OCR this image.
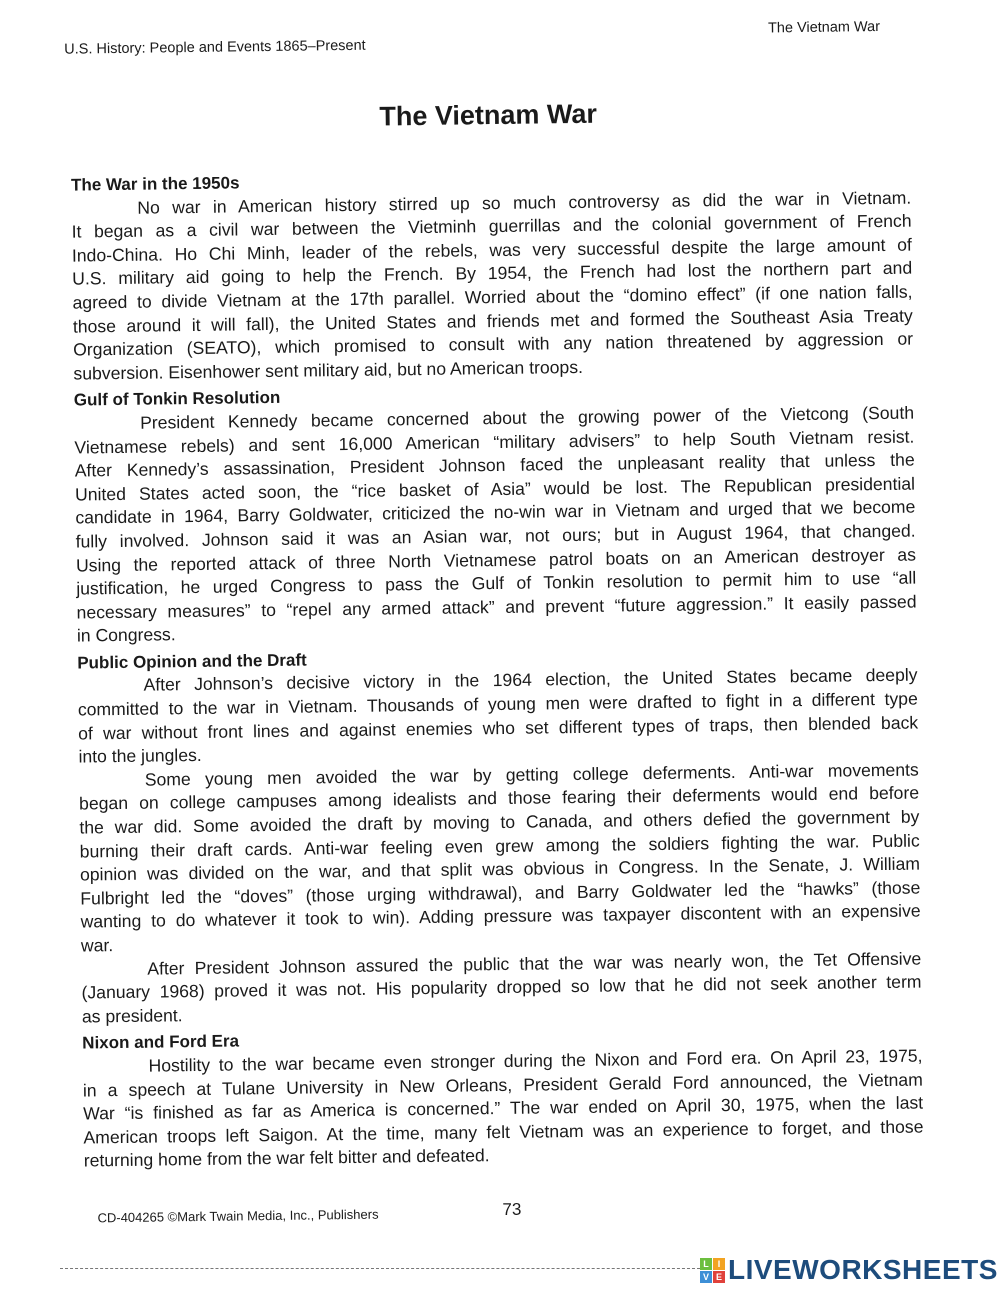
U.S. History: People and Events 1865–Present
The Vietnam War
The Vietnam War
The War in the 1950s
No war in American history stirred up so much controversy as did the war in Vietnam.
It began as a civil war between the Vietminh guerrillas and the colonial government of French
Indo-China. Ho Chi Minh, leader of the rebels, was very successful despite the large amount of
U.S. military aid going to help the French. By 1954, the French had lost the northern part and
agreed to divide Vietnam at the 17th parallel. Worried about the “domino effect” (if one nation falls,
those around it will fall), the United States and friends met and formed the Southeast Asia Treaty
Organization (SEATO), which promised to consult with any nation threatened by aggression or
subversion. Eisenhower sent military aid, but no American troops.
Gulf of Tonkin Resolution
President Kennedy became concerned about the growing power of the Vietcong (South
Vietnamese rebels) and sent 16,000 American “military advisers” to help South Vietnam resist.
After Kennedy’s assassination, President Johnson faced the unpleasant reality that unless the
United States acted soon, the “rice basket of Asia” would be lost. The Republican presidential
candidate in 1964, Barry Goldwater, criticized the no-win war in Vietnam and urged that we become
fully involved. Johnson said it was an Asian war, not ours; but in August 1964, that changed.
Using the reported attack of three North Vietnamese patrol boats on an American destroyer as
justification, he urged Congress to pass the Gulf of Tonkin resolution to permit him to use “all
necessary measures” to “repel any armed attack” and prevent “future aggression.” It easily passed
in Congress.
Public Opinion and the Draft
After Johnson’s decisive victory in the 1964 election, the United States became deeply
committed to the war in Vietnam. Thousands of young men were drafted to fight in a different type
of war without front lines and against enemies who set different types of traps, then blended back
into the jungles.
Some young men avoided the war by getting college deferments. Anti-war movements
began on college campuses among idealists and those fearing their deferments would end before
the war did. Some avoided the draft by moving to Canada, and others defied the government by
burning their draft cards. Anti-war feeling even grew among the soldiers fighting the war. Public
opinion was divided on the war, and that split was obvious in Congress. In the Senate, J. William
Fulbright led the “doves” (those urging withdrawal), and Barry Goldwater led the “hawks” (those
wanting to do whatever it took to win). Adding pressure was taxpayer discontent with an expensive
war.
After President Johnson assured the public that the war was nearly won, the Tet Offensive
(January 1968) proved it was not. His popularity dropped so low that he did not seek another term
as president.
Nixon and Ford Era
Hostility to the war became even stronger during the Nixon and Ford era. On April 23, 1975,
in a speech at Tulane University in New Orleans, President Gerald Ford announced, the Vietnam
War “is finished as far as America is concerned.” The war ended on April 30, 1975, when the last
American troops left Saigon. At the time, many felt Vietnam was an experience to forget, and those
returning home from the war felt bitter and defeated.
CD-404265 ©Mark Twain Media, Inc., Publishers	73
L I
V E LIVEWORKSHEETS
